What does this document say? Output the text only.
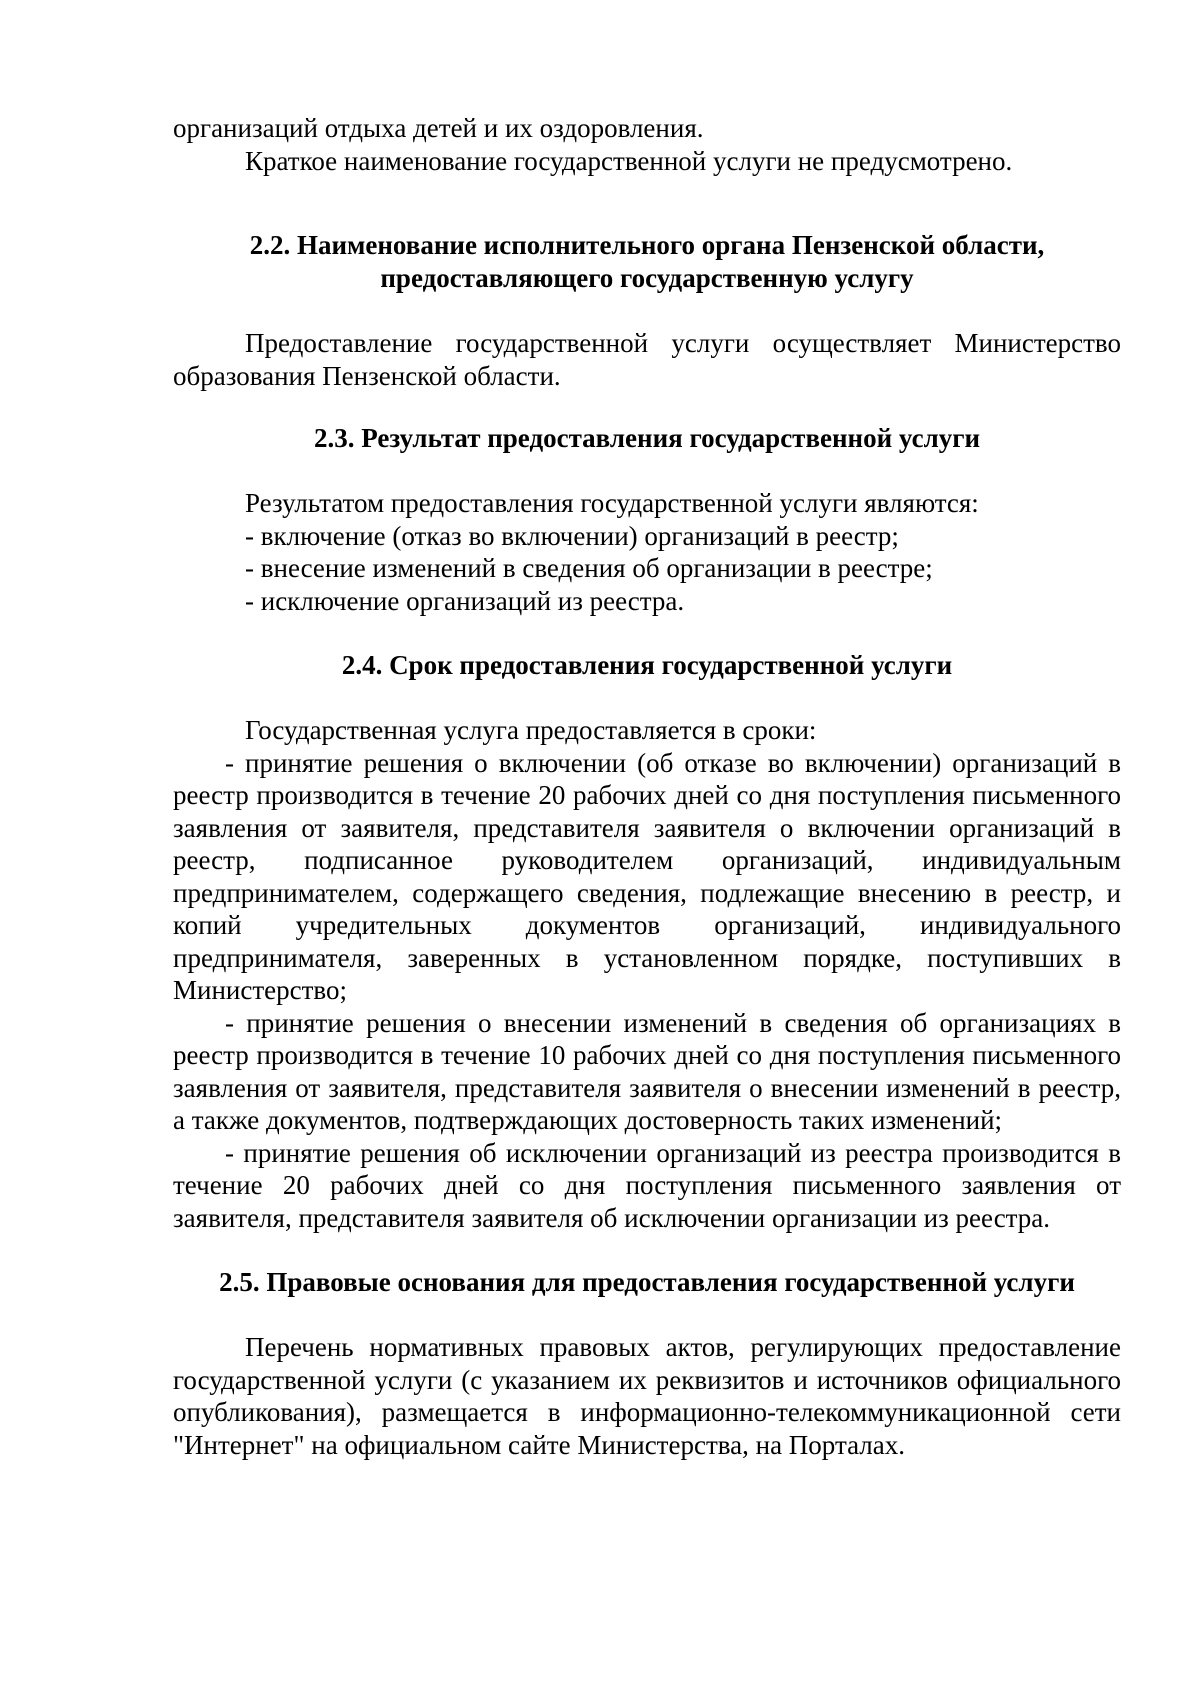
организаций отдыха детей и их оздоровления.

Краткое наименование государственной услуги не предусмотрено.

2.2. Наименование исполнительного органа Пензенской области,
предоставляющего государственную услугу

Предоставление государственной услуги осуществляет Министерство образования Пензенской области.

2.3. Результат предоставления государственной услуги

Результатом предоставления государственной услуги являются:

- включение (отказ во включении) организаций в реестр;

- внесение изменений в сведения об организации в реестре;

- исключение организаций из реестра.

2.4. Срок предоставления государственной услуги

Государственная услуга предоставляется в сроки:

- принятие решения о включении (об отказе во включении) организаций в реестр производится в течение 20 рабочих дней со дня поступления письменного заявления от заявителя, представителя заявителя о включении организаций в реестр, подписанное руководителем организаций, индивидуальным предпринимателем, содержащего сведения, подлежащие внесению в реестр, и копий учредительных документов организаций, индивидуального предпринимателя, заверенных в установленном порядке, поступивших в Министерство;

- принятие решения о внесении изменений в сведения об организациях в реестр производится в течение 10 рабочих дней со дня поступления письменного заявления от заявителя, представителя заявителя о внесении изменений в реестр, а также документов, подтверждающих достоверность таких изменений;

- принятие решения об исключении организаций из реестра производится в течение 20 рабочих дней со дня поступления письменного заявления от заявителя, представителя заявителя об исключении организации из реестра.

2.5. Правовые основания для предоставления государственной услуги

Перечень нормативных правовых актов, регулирующих предоставление государственной услуги (с указанием их реквизитов и источников официального опубликования), размещается в информационно-телекоммуникационной сети "Интернет" на официальном сайте Министерства, на Порталах.
